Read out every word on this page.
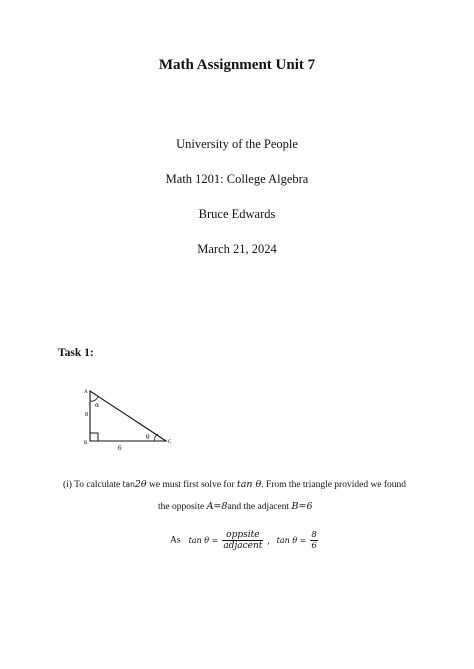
Math Assignment Unit 7
University of the People
Math 1201: College Algebra
Bruce Edwards
March 21, 2024
Task 1:
A
B	C
8
6
α
θ
(i) To calculate tan2θ we must first solve for tan θ. From the triangle provided we found
the opposite A=8and the adjacent B=6
As $\tan \theta = \frac{\text{oppsite}}{\text{adjacent}}$ , $\tan \theta = \frac{8}{6}$
